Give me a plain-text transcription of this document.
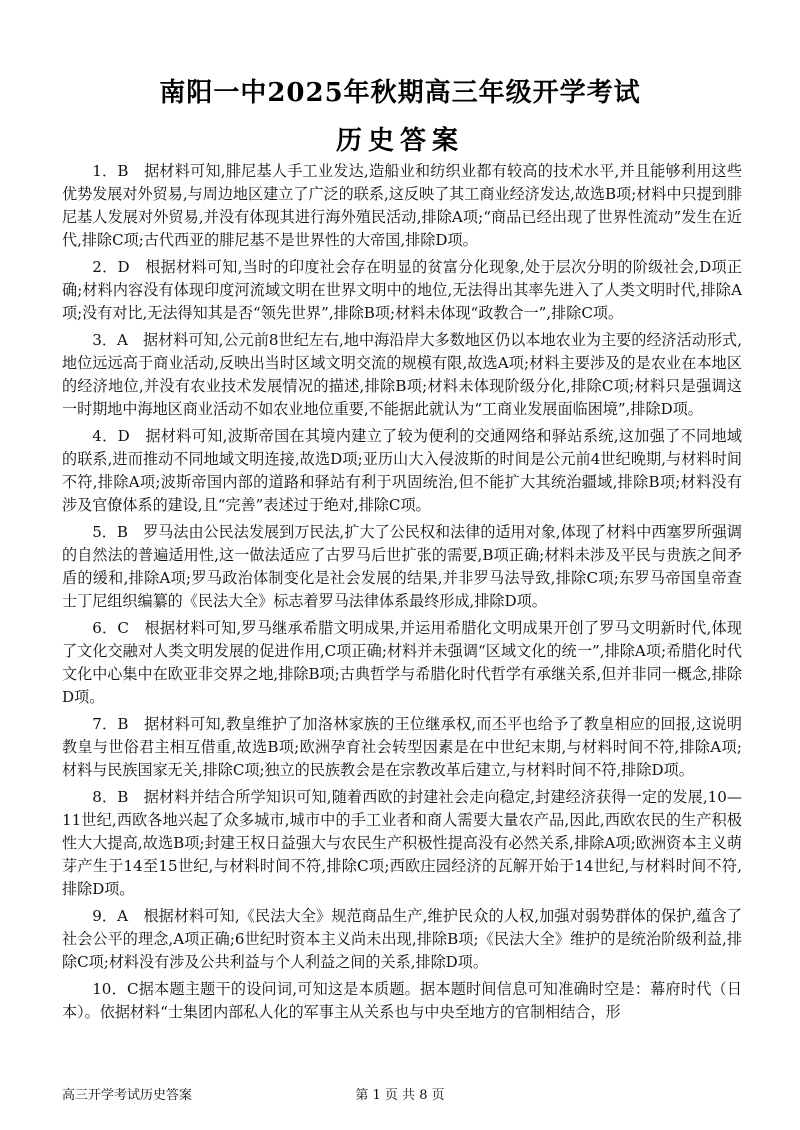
南阳一中2025年秋期高三年级开学考试
历史答案

1．B　据材料可知,腓尼基人手工业发达,造船业和纺织业都有较高的技术水平,并且能够利用这些优势发展对外贸易,与周边地区建立了广泛的联系,这反映了其工商业经济发达,故选B项;材料中只提到腓尼基人发展对外贸易,并没有体现其进行海外殖民活动,排除A项;“商品已经出现了世界性流动”发生在近代,排除C项;古代西亚的腓尼基不是世界性的大帝国,排除D项。

2．D　根据材料可知,当时的印度社会存在明显的贫富分化现象,处于层次分明的阶级社会,D项正确;材料内容没有体现印度河流域文明在世界文明中的地位,无法得出其率先进入了人类文明时代,排除A项;没有对比,无法得知其是否“领先世界”,排除B项;材料未体现“政教合一”,排除C项。

3．A　据材料可知,公元前8世纪左右,地中海沿岸大多数地区仍以本地农业为主要的经济活动形式,地位远远高于商业活动,反映出当时区域文明交流的规模有限,故选A项;材料主要涉及的是农业在本地区的经济地位,并没有农业技术发展情况的描述,排除B项;材料未体现阶级分化,排除C项;材料只是强调这一时期地中海地区商业活动不如农业地位重要,不能据此就认为“工商业发展面临困境”,排除D项。

4．D　据材料可知,波斯帝国在其境内建立了较为便利的交通网络和驿站系统,这加强了不同地域的联系,进而推动不同地域文明连接,故选D项;亚历山大入侵波斯的时间是公元前4世纪晚期,与材料时间不符,排除A项;波斯帝国内部的道路和驿站有利于巩固统治,但不能扩大其统治疆域,排除B项;材料没有涉及官僚体系的建设,且“完善”表述过于绝对,排除C项。

5．B　罗马法由公民法发展到万民法,扩大了公民权和法律的适用对象,体现了材料中西塞罗所强调的自然法的普遍适用性,这一做法适应了古罗马后世扩张的需要,B项正确;材料未涉及平民与贵族之间矛盾的缓和,排除A项;罗马政治体制变化是社会发展的结果,并非罗马法导致,排除C项;东罗马帝国皇帝查士丁尼组织编纂的《民法大全》标志着罗马法律体系最终形成,排除D项。

6．C　根据材料可知,罗马继承希腊文明成果,并运用希腊化文明成果开创了罗马文明新时代,体现了文化交融对人类文明发展的促进作用,C项正确;材料并未强调“区域文化的统一”,排除A项;希腊化时代文化中心集中在欧亚非交界之地,排除B项;古典哲学与希腊化时代哲学有承继关系,但并非同一概念,排除D项。

7．B　据材料可知,教皇维护了加洛林家族的王位继承权,而丕平也给予了教皇相应的回报,这说明教皇与世俗君主相互借重,故选B项;欧洲孕育社会转型因素是在中世纪末期,与材料时间不符,排除A项;材料与民族国家无关,排除C项;独立的民族教会是在宗教改革后建立,与材料时间不符,排除D项。

8．B　据材料并结合所学知识可知,随着西欧的封建社会走向稳定,封建经济获得一定的发展,10—11世纪,西欧各地兴起了众多城市,城市中的手工业者和商人需要大量农产品,因此,西欧农民的生产积极性大大提高,故选B项;封建王权日益强大与农民生产积极性提高没有必然关系,排除A项;欧洲资本主义萌芽产生于14至15世纪,与材料时间不符,排除C项;西欧庄园经济的瓦解开始于14世纪,与材料时间不符,排除D项。

9．A　根据材料可知,《民法大全》规范商品生产,维护民众的人权,加强对弱势群体的保护,蕴含了社会公平的理念,A项正确;6世纪时资本主义尚未出现,排除B项;《民法大全》维护的是统治阶级利益,排除C项;材料没有涉及公共利益与个人利益之间的关系,排除D项。

10．C据本题主题干的设问词,可知这是本质题。据本题时间信息可知准确时空是：幕府时代（日本）。依据材料“士集团内部私人化的军事主从关系也与中央至地方的官制相结合，形

高三开学考试历史答案	第 1 页 共 8 页
